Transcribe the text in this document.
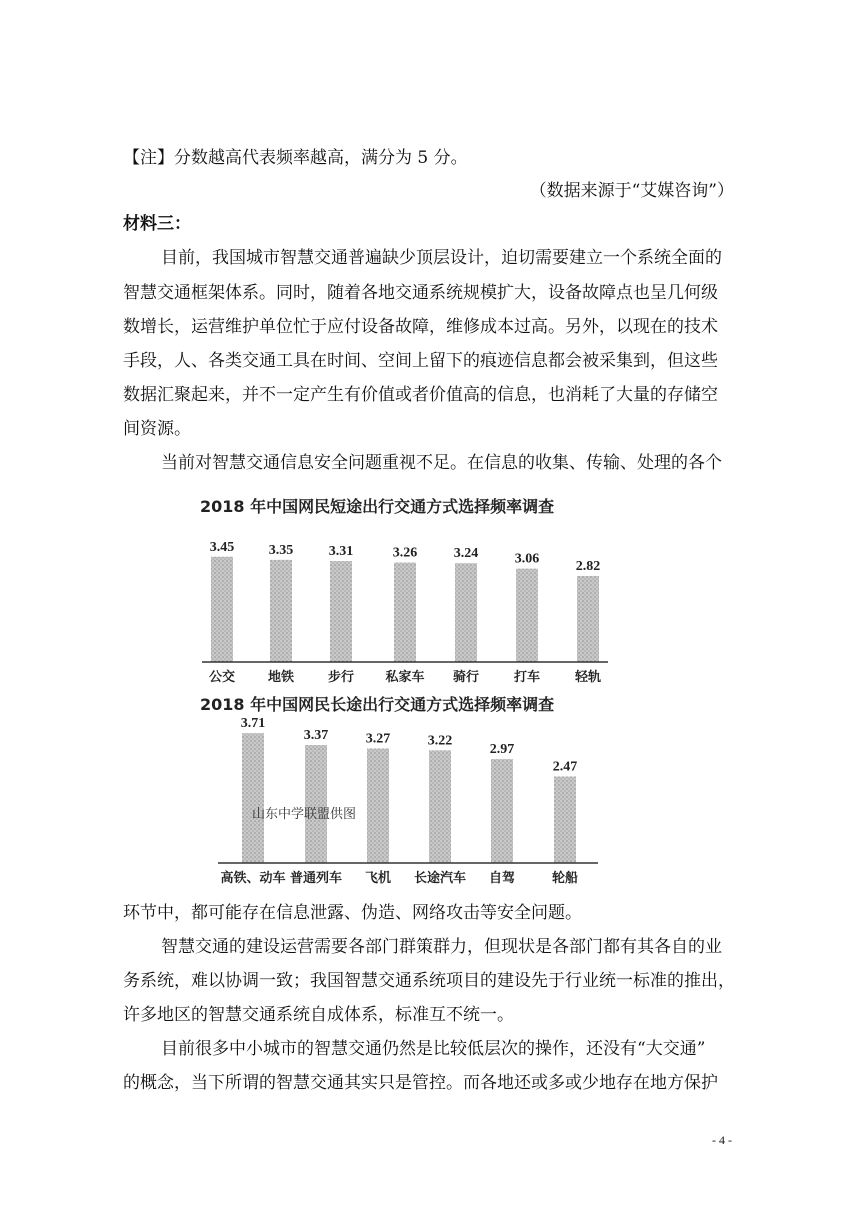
【注】分数越高代表频率越高，满分为 5 分。
（数据来源于“艾媒咨询”）
材料三：
目前，我国城市智慧交通普遍缺少顶层设计，迫切需要建立一个系统全面的
智慧交通框架体系。同时，随着各地交通系统规模扩大，设备故障点也呈几何级
数增长，运营维护单位忙于应付设备故障，维修成本过高。另外，以现在的技术
手段，人、各类交通工具在时间、空间上留下的痕迹信息都会被采集到，但这些
数据汇聚起来，并不一定产生有价值或者价值高的信息，也消耗了大量的存储空
间资源。
当前对智慧交通信息安全问题重视不足。在信息的收集、传输、处理的各个
2018 年中国网民短途出行交通方式选择频率调查
3.45
公交
3.35
地铁
3.31
步行
3.26
私家车
3.24
骑行
3.06
打车
2.82
轻轨
2018 年中国网民长途出行交通方式选择频率调查
3.71
高铁、动车
3.37
普通列车
3.27
飞机
3.22
长途汽车
2.97
自驾
2.47
轮船
山东中学联盟供图
环节中，都可能存在信息泄露、伪造、网络攻击等安全问题。
智慧交通的建设运营需要各部门群策群力，但现状是各部门都有其各自的业
务系统，难以协调一致；我国智慧交通系统项目的建设先于行业统一标准的推出，
许多地区的智慧交通系统自成体系，标准互不统一。
目前很多中小城市的智慧交通仍然是比较低层次的操作，还没有“大交通”
的概念，当下所谓的智慧交通其实只是管控。而各地还或多或少地存在地方保护
- 4 -
